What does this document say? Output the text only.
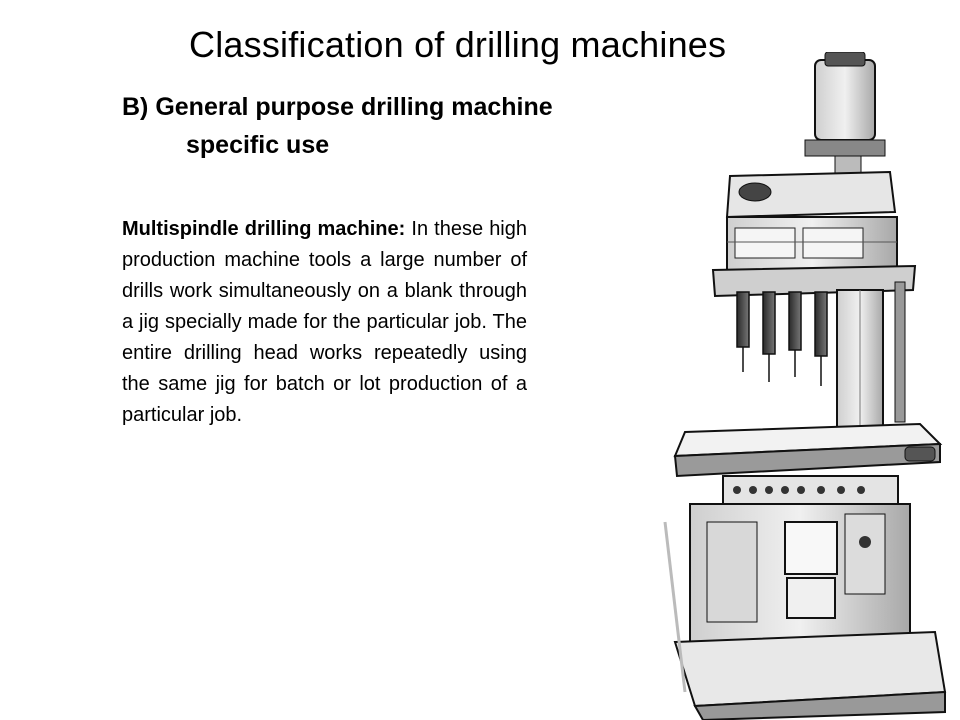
Classification of drilling machines
B) General purpose drilling machine
specific use
Multispindle drilling machine: In these high production machine tools a large number of drills work simultaneously on a blank through a jig specially made for the particular job. The entire drilling head works repeatedly using the same jig for batch or lot production of a particular job.
